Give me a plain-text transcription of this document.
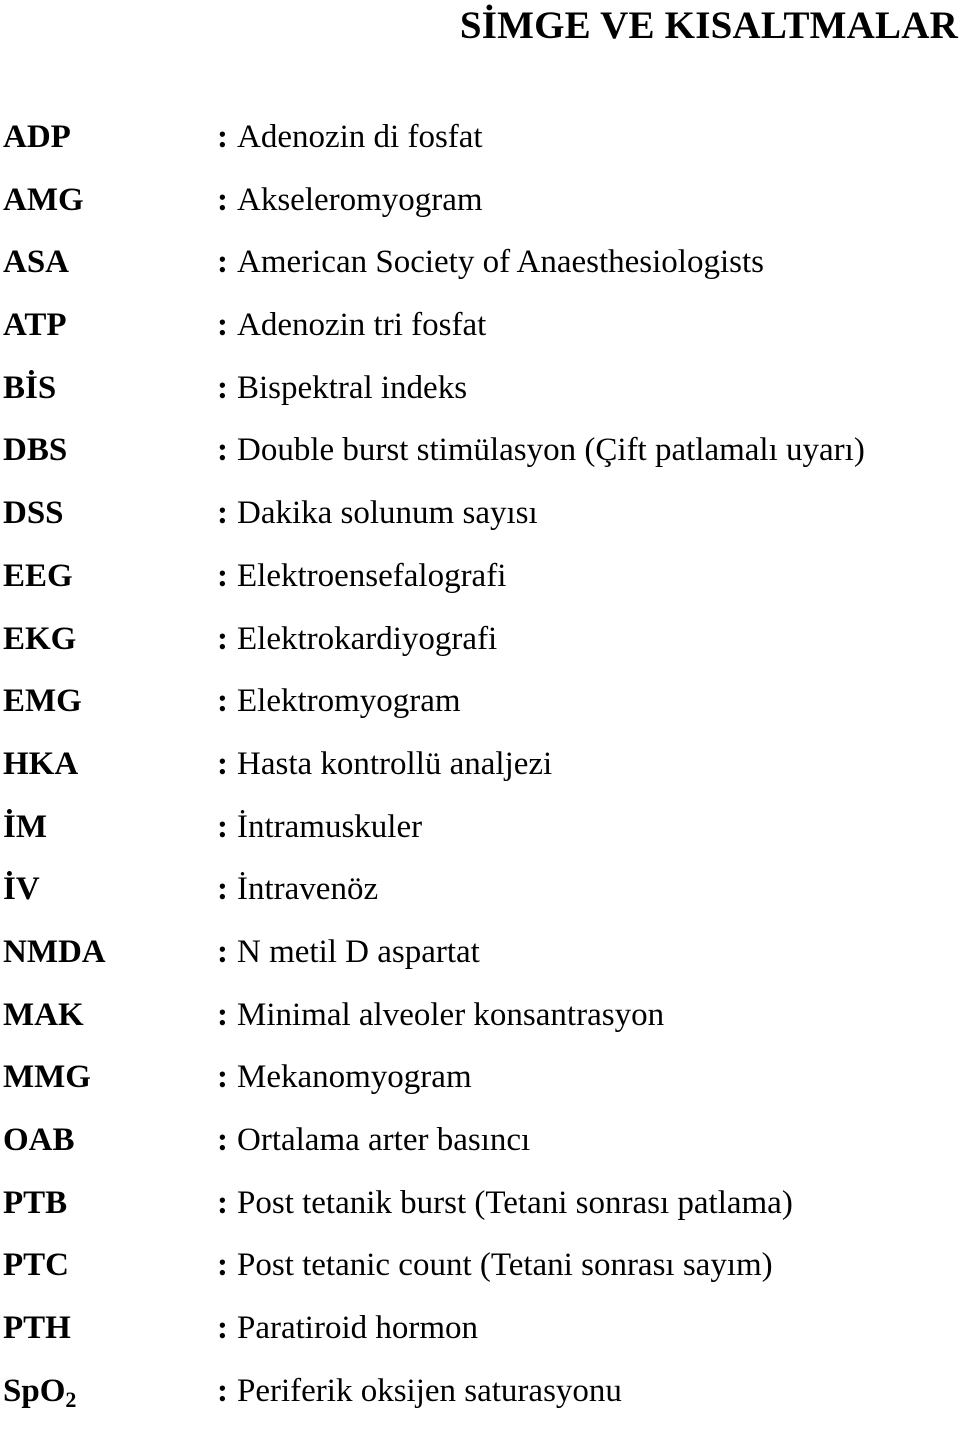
SİMGE VE KISALTMALAR
ADP	: Adenozin di fosfat
AMG	: Akseleromyogram
ASA	: American Society of Anaesthesiologists
ATP	: Adenozin tri fosfat
BİS	: Bispektral indeks
DBS	: Double burst stimülasyon (Çift patlamalı uyarı)
DSS	: Dakika solunum sayısı
EEG	: Elektroensefalografi
EKG	: Elektrokardiyografi
EMG	: Elektromyogram
HKA	: Hasta kontrollü analjezi
İM	: İntramuskuler
İV	: İntravenöz
NMDA	: N metil D aspartat
MAK	: Minimal alveoler konsantrasyon
MMG	: Mekanomyogram
OAB	: Ortalama arter basıncı
PTB	: Post tetanik burst (Tetani sonrası patlama)
PTC	: Post tetanic count (Tetani sonrası sayım)
PTH	: Paratiroid hormon
SpO$_2$	: Periferik oksijen saturasyonu
